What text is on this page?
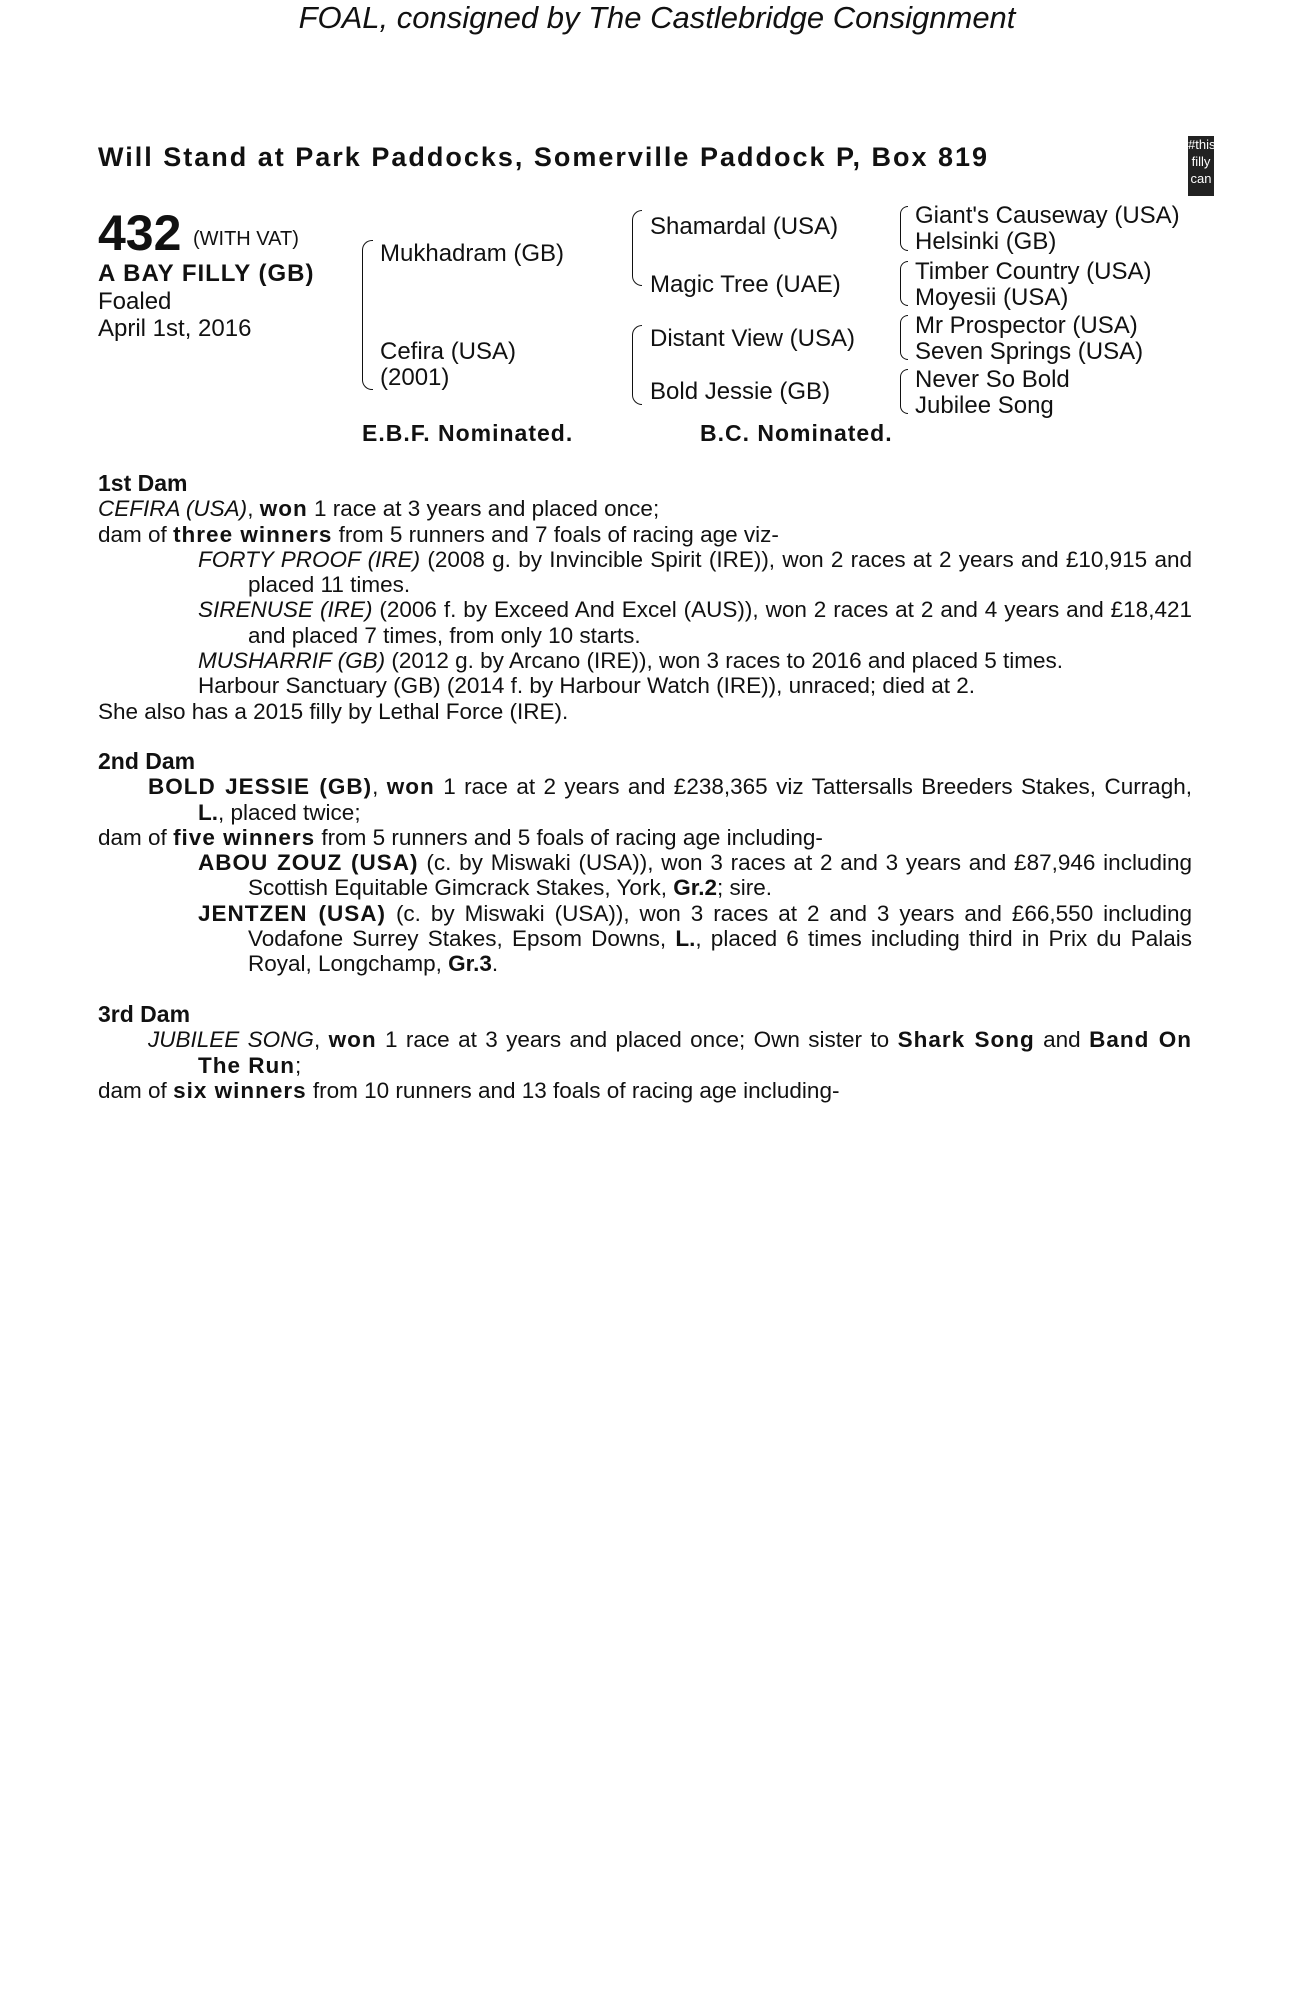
FOAL, consigned by The Castlebridge Consignment
Will Stand at Park Paddocks, Somerville Paddock P, Box 819	#this
filly
can
432 (WITH VAT)
A BAY FILLY (GB)
Foaled
April 1st, 2016
Mukhadram (GB)
Cefira (USA)
(2001)
Shamardal (USA)
Magic Tree (UAE)
Distant View (USA)
Bold Jessie (GB)
Giant's Causeway (USA)
Helsinki (GB)
Timber Country (USA)
Moyesii (USA)
Mr Prospector (USA)
Seven Springs (USA)
Never So Bold
Jubilee Song
E.B.F. Nominated.	B.C. Nominated.

1st Dam

CEFIRA (USA), won 1 race at 3 years and placed once;

dam of three winners from 5 runners and 7 foals of racing age viz-

FORTY PROOF (IRE) (2008 g. by Invincible Spirit (IRE)), won 2 races at 2 years and £10,915 and placed 11 times.

SIRENUSE (IRE) (2006 f. by Exceed And Excel (AUS)), won 2 races at 2 and 4 years and £18,421 and placed 7 times, from only 10 starts.

MUSHARRIF (GB) (2012 g. by Arcano (IRE)), won 3 races to 2016 and placed 5 times.

Harbour Sanctuary (GB) (2014 f. by Harbour Watch (IRE)), unraced; died at 2.

She also has a 2015 filly by Lethal Force (IRE).

2nd Dam

BOLD JESSIE (GB), won 1 race at 2 years and £238,365 viz Tattersalls Breeders Stakes, Curragh, L., placed twice;

dam of five winners from 5 runners and 5 foals of racing age including-

ABOU ZOUZ (USA) (c. by Miswaki (USA)), won 3 races at 2 and 3 years and £87,946 including Scottish Equitable Gimcrack Stakes, York, Gr.2; sire.

JENTZEN (USA) (c. by Miswaki (USA)), won 3 races at 2 and 3 years and £66,550 including Vodafone Surrey Stakes, Epsom Downs, L., placed 6 times including third in Prix du Palais Royal, Longchamp, Gr.3.

3rd Dam

JUBILEE SONG, won 1 race at 3 years and placed once; Own sister to Shark Song and Band On The Run;

dam of six winners from 10 runners and 13 foals of racing age including-
